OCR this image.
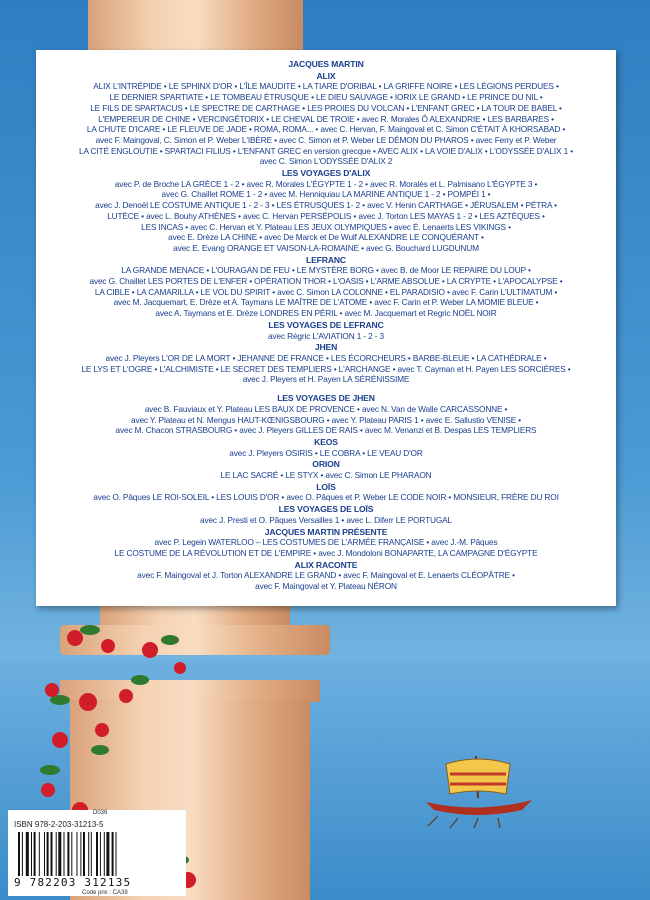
JACQUES MARTIN

ALIX

ALIX L'INTRÉPIDE • LE SPHINX D'OR • L'ÎLE MAUDITE • LA TIARE D'ORIBAL • LA GRIFFE NOIRE • LES LÉGIONS PERDUES •

LE DERNIER SPARTIATE • LE TOMBEAU ÉTRUSQUE • LE DIEU SAUVAGE • IORIX LE GRAND • LE PRINCE DU NIL •

LE FILS DE SPARTACUS • LE SPECTRE DE CARTHAGE • LES PROIES DU VOLCAN • L'ENFANT GREC • LA TOUR DE BABEL •

L'EMPEREUR DE CHINE • VERCINGÉTORIX • LE CHEVAL DE TROIE • avec R. Morales Ô ALEXANDRIE • LES BARBARES •

LA CHUTE D'ICARE • LE FLEUVE DE JADE • ROMA, ROMA... • avec C. Hervan, F. Maingoval et C. Simon C'ÉTAIT À KHORSABAD •

avec F. Maingoval, C. Simon et P. Weber L'IBÈRE • avec C. Simon et P. Weber LE DÉMON DU PHAROS • avec Ferry et P. Weber

LA CITÉ ENGLOUTIE • SPARTACI FILIUS • L'ENFANT GREC en version grecque • AVEC ALIX • LA VOIE D'ALIX • L'ODYSSÉE D'ALIX 1 •

avec C. Simon L'ODYSSÉE D'ALIX 2

LES VOYAGES D'ALIX

avec P. de Broche LA GRÈCE 1 - 2 • avec R. Morales L'ÉGYPTE 1 - 2 • avec R. Moralès et L. Palmisano L'ÉGYPTE 3 •

avec G. Chaillet ROME 1 - 2 • avec M. Henniquiau LA MARINE ANTIQUE 1 - 2 • POMPÉI 1 •

avec J. Denoël LE COSTUME ANTIQUE 1 - 2 - 3 • LES ÉTRUSQUES 1- 2 • avec V. Henin CARTHAGE • JÉRUSALEM • PÉTRA •

LUTÈCE • avec L. Bouhy ATHÈNES • avec C. Hervan PERSÉPOLIS • avec J. Torton LES MAYAS 1 - 2 • LES AZTÈQUES •

LES INCAS • avec C. Hervan et Y. Plateau LES JEUX OLYMPIQUES • avec É. Lenaerts LES VIKINGS •

avec E. Drèze LA CHINE • avec De Marck et De Wulf ALEXANDRE LE CONQUÉRANT •

avec E. Evang ORANGE ET VAISON-LA-ROMAINE • avec G. Bouchard LUGDUNUM

LEFRANC

LA GRANDE MENACE • L'OURAGAN DE FEU • LE MYSTÈRE BORG • avec B. de Moor LE REPAIRE DU LOUP •

avec G. Chaillet LES PORTES DE L'ENFER • OPÉRATION THOR • L'OASIS • L'ARME ABSOLUE • LA CRYPTE • L'APOCALYPSE •

LA CIBLE • LA CAMARILLA • LE VOL DU SPIRIT • avec C. Simon LA COLONNE • EL PARADISIO • avec F. Carin L'ULTIMATUM •

avec M. Jacquemart, E. Drèze et A. Taymans LE MAÎTRE DE L'ATOME • avec F. Carin et P. Weber LA MOMIE BLEUE •

avec A. Taymans et E. Drèze LONDRES EN PÉRIL • avec M. Jacquemart et Regric NOËL NOIR

LES VOYAGES DE LEFRANC

avec Régric L'AVIATION 1 - 2 - 3

JHEN

avec J. Pleyers L'OR DE LA MORT • JEHANNE DE FRANCE • LES ÉCORCHEURS • BARBE-BLEUE • LA CATHÉDRALE •

LE LYS ET L'OGRE • L'ALCHIMISTE • LE SECRET DES TEMPLIERS • L'ARCHANGE • avec T. Cayman et H. Payen LES SORCIÈRES •

avec J. Pleyers et H. Payen LA SÉRÉNISSIME

LES VOYAGES DE JHEN

avec B. Fauviaux et Y. Plateau LES BAUX DE PROVENCE • avec N. Van de Walle CARCASSONNE •

avec Y. Plateau et N. Mengus HAUT-KŒNIGSBOURG • avec Y. Plateau PARIS 1 • avec E. Sallustio VENISE •

avec M. Chacon STRASBOURG • avec J. Pleyers GILLES DE RAIS • avec M. Venanzi et B. Despas LES TEMPLIERS

KEOS

avec J. Pleyers OSIRIS • LE COBRA • LE VEAU D'OR

ORION

LE LAC SACRÉ • LE STYX • avec C. Simon LE PHARAON

LOÏS

avec O. Pâques LE ROI-SOLEIL • LES LOUIS D'OR • avec O. Pâques et P. Weber LE CODE NOIR • MONSIEUR, FRÈRE DU ROI

LES VOYAGES DE LOÏS

avec J. Presti et O. Pâques Versailles 1 • avec L. Diferr LE PORTUGAL

JACQUES MARTIN PRÉSENTE

avec P. Legein WATERLOO – LES COSTUMES DE L'ARMÉE FRANÇAISE • avec J.-M. Pâques

LE COSTUME DE LA RÉVOLUTION ET DE L'EMPIRE • avec J. Mondoloni BONAPARTE, LA CAMPAGNE D'ÉGYPTE

ALIX RACONTE

avec F. Maingoval et J. Torton ALEXANDRE LE GRAND • avec F. Maingoval et E. Lenaerts CLÉOPÂTRE •

avec F. Maingoval et Y. Plateau NÉRON

D036
ISBN 978-2-203-31213-5
9 782203 312135
Code prix : CA39
